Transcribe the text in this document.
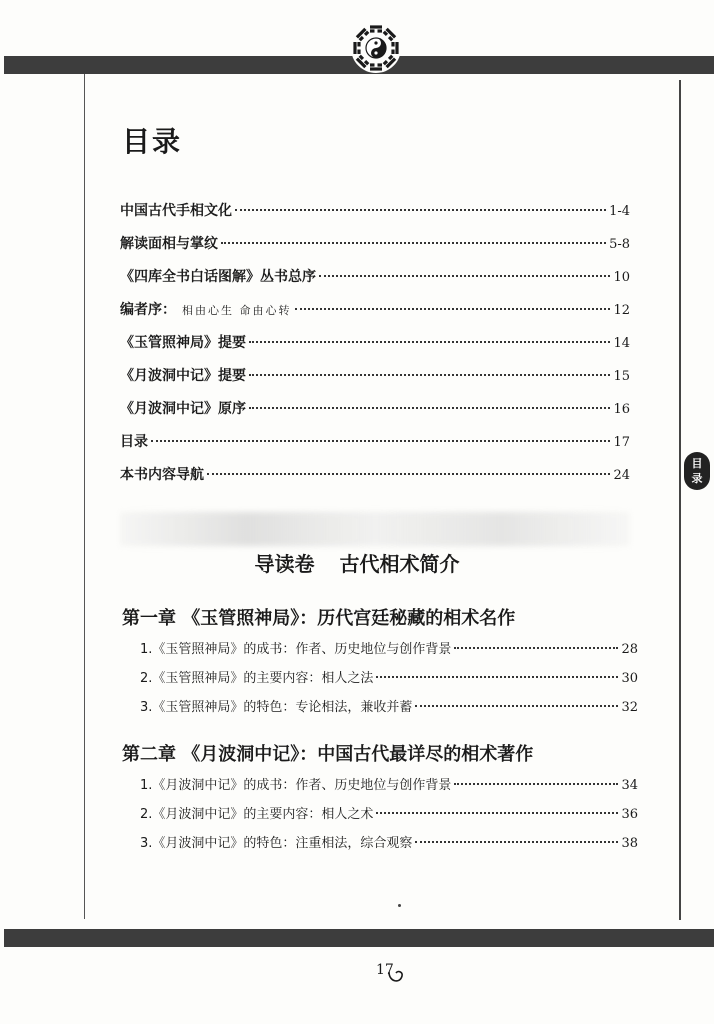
目
录
目录
中国古代手相文化	1-4
解读面相与掌纹	5-8
《四库全书白话图解》丛书总序	10
编者序： 相由心生 命由心转	12
《玉管照神局》提要	14
《月波洞中记》提要	15
《月波洞中记》原序	16
目录	17
本书内容导航	24
导读卷 古代相术简介
第一章 《玉管照神局》：历代宫廷秘藏的相术名作
1.《玉管照神局》的成书：作者、历史地位与创作背景	28
2.《玉管照神局》的主要内容：相人之法	30
3.《玉管照神局》的特色：专论相法，兼收并蓄	32
第二章 《月波洞中记》：中国古代最详尽的相术著作
1.《月波洞中记》的成书：作者、历史地位与创作背景	34
2.《月波洞中记》的主要内容：相人之术	36
3.《月波洞中记》的特色：注重相法，综合观察	38
17
